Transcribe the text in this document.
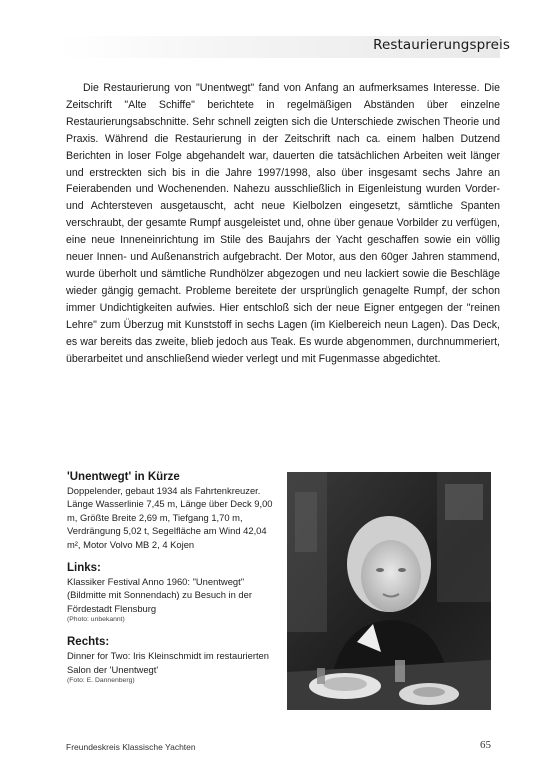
Restaurierungspreis

Die Restaurierung von "Unentwegt" fand von Anfang an aufmerksames Interesse. Die Zeitschrift "Alte Schiffe" berichtete in regelmäßigen Abständen über einzelne Restaurierungsabschnitte. Sehr schnell zeigten sich die Unterschiede zwischen Theorie und Praxis. Während die Restaurierung in der Zeitschrift nach ca. einem halben Dutzend Berichten in loser Folge abgehandelt war, dauerten die tatsächlichen Arbeiten weit länger und erstreckten sich bis in die Jahre 1997/1998, also über insgesamt sechs Jahre an Feierabenden und Wochenenden. Nahezu ausschließlich in Eigenleistung wurden Vorder- und Achtersteven ausgetauscht, acht neue Kielbolzen eingesetzt, sämtliche Spanten verschraubt, der gesamte Rumpf ausgeleistet und, ohne über genaue Vorbilder zu verfügen, eine neue Inneneinrichtung im Stile des Baujahrs der Yacht geschaffen sowie ein völlig neuer Innen- und Außenanstrich aufgebracht. Der Motor, aus den 60ger Jahren stammend, wurde überholt und sämtliche Rundhölzer abgezogen und neu lackiert sowie die Beschläge wieder gängig gemacht. Probleme bereitete der ursprünglich genagelte Rumpf, der schon immer Undichtigkeiten aufwies. Hier entschloß sich der neue Eigner entgegen der "reinen Lehre" zum Überzug mit Kunststoff in sechs Lagen (im Kielbereich neun Lagen). Das Deck, es war bereits das zweite, blieb jedoch aus Teak. Es wurde abgenommen, durchnummeriert, überarbeitet und anschließend wieder verlegt und mit Fugenmasse abgedichtet.

'Unentwegt' in Kürze

Doppelender, gebaut 1934 als Fahrtenkreuzer. Länge Wasserlinie 7,45 m, Länge über Deck 9,00 m, Größte Breite 2,69 m, Tiefgang 1,70 m, Verdrängung 5,02 t, Segelfläche am Wind 42,04 m², Motor Volvo MB 2, 4 Kojen

Links:

Klassiker Festival Anno 1960: "Unentwegt" (Bildmitte mit Sonnendach) zu Besuch in der Fördestadt Flensburg

(Photo: unbekannt)

Rechts:

Dinner for Two: Iris Kleinschmidt im restaurierten Salon der 'Unentwegt'

(Foto: E. Dannenberg)

Freundeskreis Klassische Yachten	65
